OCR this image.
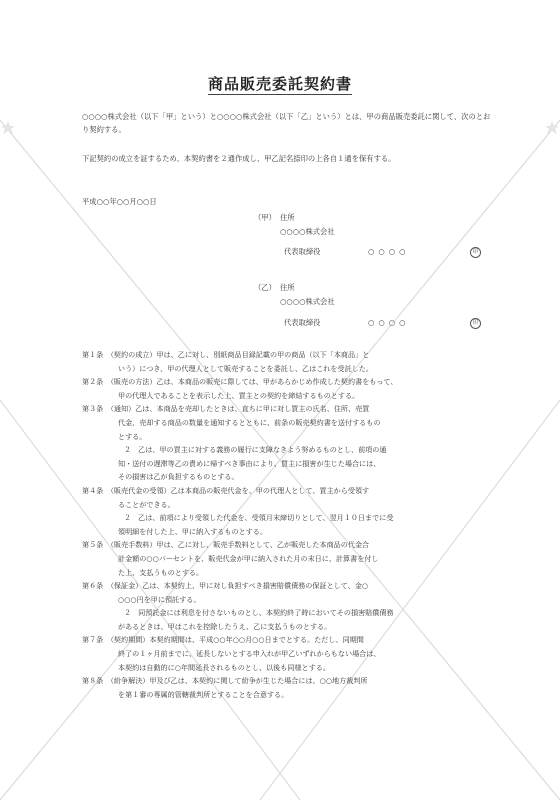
商品販売委託契約書
○○○○株式会社（以下「甲」という）と○○○○株式会社（以下「乙」という）とは、甲の商品販売委託に関して、次のとおり契約する。
下記契約の成立を証するため、本契約書を２通作成し、甲乙記名捺印の上各自１通を保有する。
平成○○年○○月○○日
（甲） 住所
○○○○株式会社
代表取締役	○○○○	印
（乙） 住所
○○○○株式会社
代表取締役	○○○○	印
第１条　 （契約の成立）甲は、乙に対し、別紙商品目録記載の甲の商品（以下「本商品」と
いう）につき、甲の代理人として販売することを委託し、乙はこれを受託した。
第２条　 （販売の方法）乙は、本商品の販売に際しては、甲があらかじめ作成した契約書をもって、
甲の代理人であることを表示した上、買主との契約を締結するものとする。
第３条　 （通知）乙は、本商品を売却したときは、直ちに甲に対し買主の氏名、住所、売買
代金、売却する商品の数量を通知するとともに、前条の販売契約書を送付するもの
とする。
２　乙は、甲の買主に対する義務の履行に支障なきよう努めるものとし、前項の通
知・送付の遅滞等乙の責めに帰すべき事由により、買主に損害が生じた場合には、
その損害は乙が負担するものとする。
第４条　 （販売代金の受領）乙は本商品の販売代金を、甲の代理人として、買主から受領す
ることができる。
２　乙は、前項により受領した代金を、受領月末締切りとして、翌月１０日までに受
領明細を付した上、甲に納入するものとする。
第５条　 （販売手数料）甲は、乙に対し、販売手数料として、乙が販売した本商品の代金合
計金額の○○パーセントを、販売代金が甲に納入された月の末日に、計算書を付し
た上、支払うものとする。
第６条　 （保証金）乙は、本契約上、甲に対し負担すべき損害賠償債務の保証として、金○
○○○円を甲に預託する。
２　同預託金には利息を付さないものとし、本契約終了時においてその損害賠償債務
があるときは、甲はこれを控除したうえ、乙に支払うものとする。
第７条　 （契約期間）本契約期間は、平成○○年○○月○○日までとする。ただし、同期間
終了の１ヶ月前までに、延長しないとする申入れが甲乙いずれからもない場合は、
本契約は自動的に○年間延長されるものとし、以後も同様とする。
第８条　 （紛争解決）甲及び乙は、本契約に関して紛争が生じた場合には、○○地方裁判所
を第１審の専属的管轄裁判所とすることを合意する。
